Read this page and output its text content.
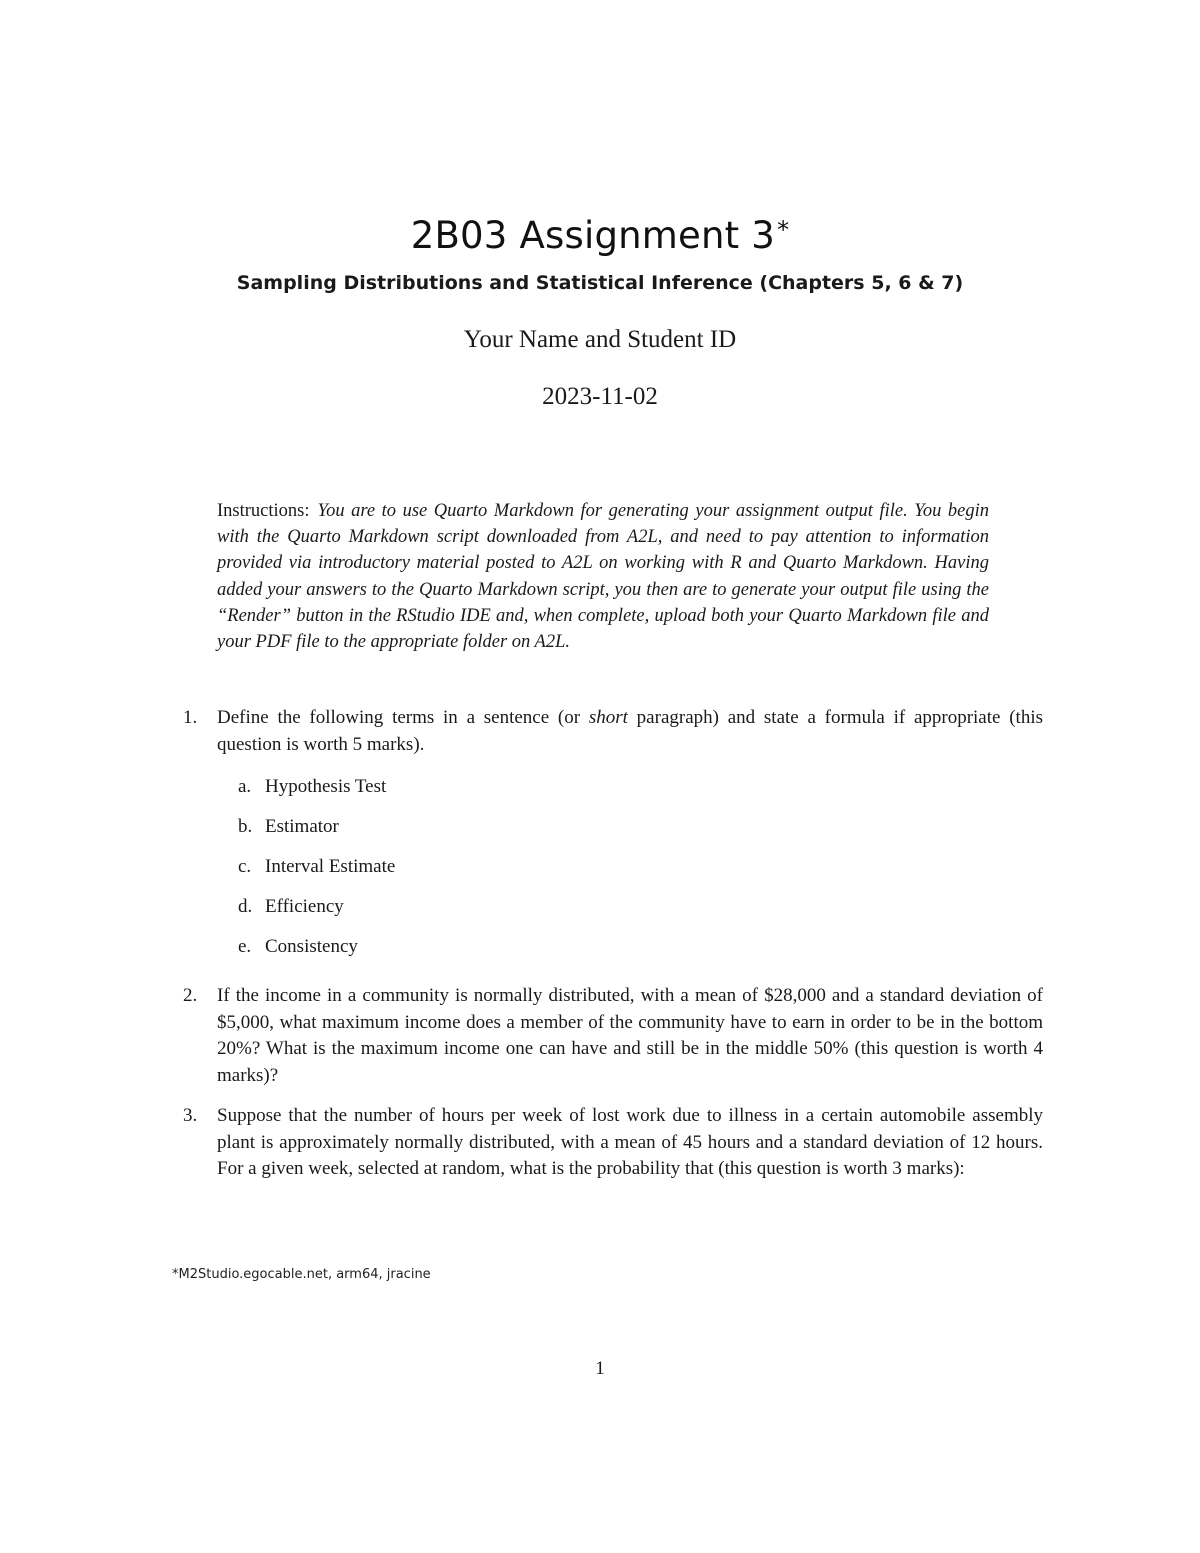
2B03 Assignment 3*
Sampling Distributions and Statistical Inference (Chapters 5, 6 & 7)
Your Name and Student ID
2023-11-02
Instructions: You are to use Quarto Markdown for generating your assignment output file. You begin with the Quarto Markdown script downloaded from A2L, and need to pay attention to information provided via introductory material posted to A2L on working with R and Quarto Markdown. Having added your answers to the Quarto Markdown script, you then are to generate your output file using the “Render” button in the RStudio IDE and, when complete, upload both your Quarto Markdown file and your PDF file to the appropriate folder on A2L.
1.	Define the following terms in a sentence (or short paragraph) and state a formula if appropriate (this question is worth 5 marks).
a. Hypothesis Test
b. Estimator
c. Interval Estimate
d. Efficiency
e. Consistency
2.	If the income in a community is normally distributed, with a mean of $28,000 and a standard deviation of $5,000, what maximum income does a member of the community have to earn in order to be in the bottom 20%? What is the maximum income one can have and still be in the middle 50% (this question is worth 4 marks)?
3.	Suppose that the number of hours per week of lost work due to illness in a certain automobile assembly plant is approximately normally distributed, with a mean of 45 hours and a standard deviation of 12 hours. For a given week, selected at random, what is the probability that (this question is worth 3 marks):
*M2Studio.egocable.net, arm64, jracine
1
